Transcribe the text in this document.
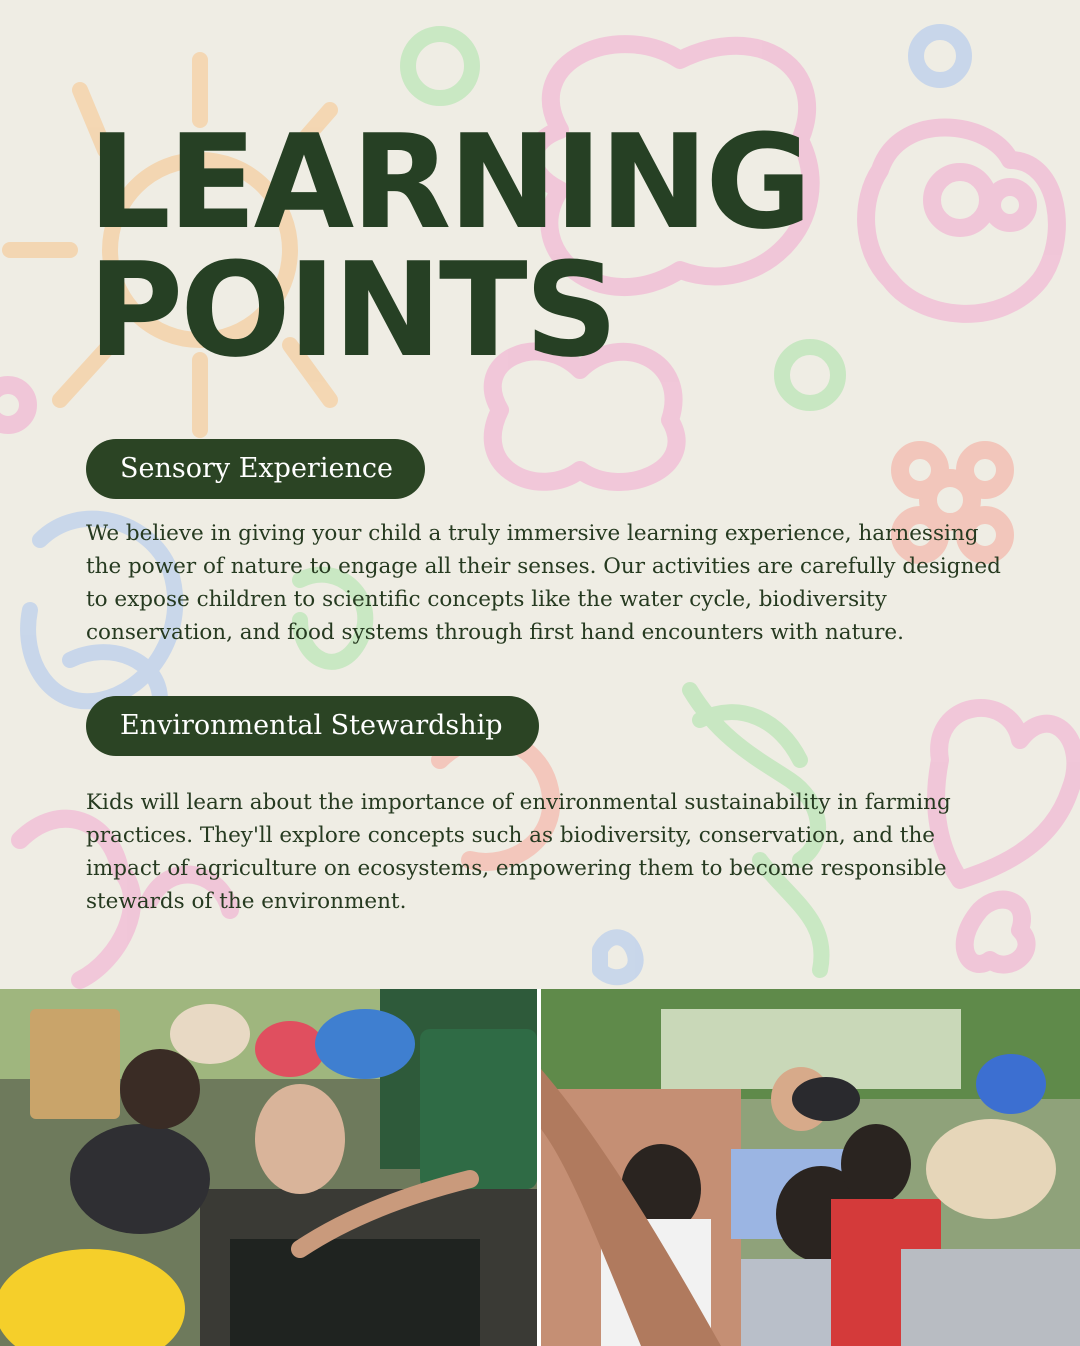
LEARNING
POINTS
Sensory Experience

We believe in giving your child a truly immersive learning experience, harnessing the power of nature to engage all their senses. Our activities are carefully designed to expose children to scientific concepts like the water cycle, biodiversity conservation, and food systems through first hand encounters with nature.

Environmental Stewardship

Kids will learn about the importance of environmental sustainability in farming practices. They'll explore concepts such as biodiversity, conservation, and the impact of agriculture on ecosystems, empowering them to become responsible stewards of the environment.
